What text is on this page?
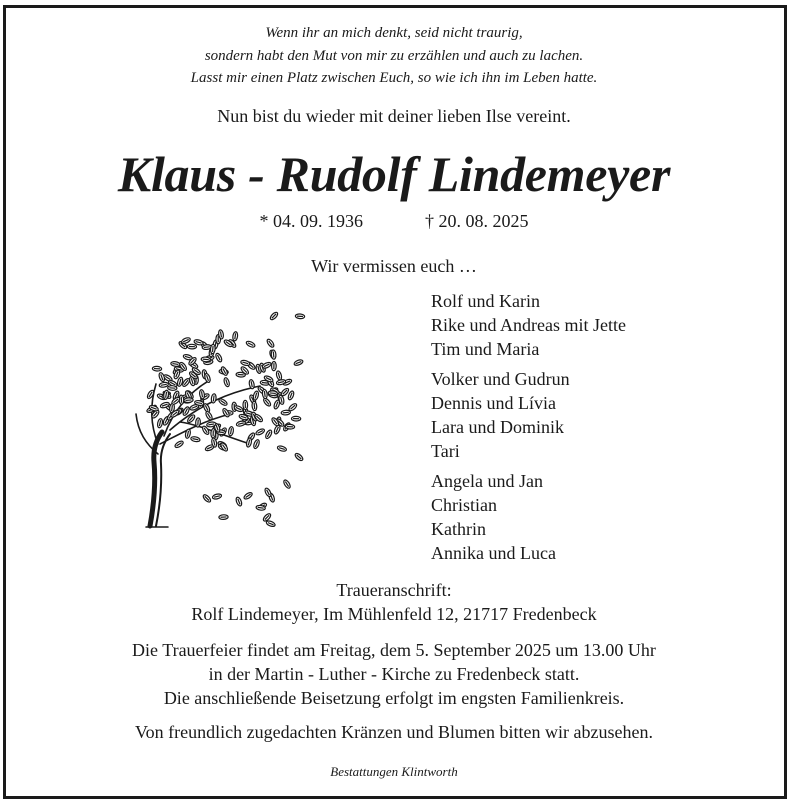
Wenn ihr an mich denkt, seid nicht traurig,
sondern habt den Mut von mir zu erzählen und auch zu lachen.
Lasst mir einen Platz zwischen Euch, so wie ich ihn im Leben hatte.
Nun bist du wieder mit deiner lieben Ilse vereint.
Klaus - Rudolf Lindemeyer
* 04. 09. 1936	† 20. 08. 2025
Wir vermissen euch …
Rolf und Karin
Rike und Andreas mit Jette
Tim und Maria
Volker und Gudrun
Dennis und Lívia
Lara und Dominik
Tari
Angela und Jan
Christian
Kathrin
Annika und Luca
Traueranschrift:
Rolf Lindemeyer, Im Mühlenfeld 12, 21717 Fredenbeck
Die Trauerfeier findet am Freitag, dem 5. September 2025 um 13.00 Uhr
in der Martin - Luther - Kirche zu Fredenbeck statt.
Die anschließende Beisetzung erfolgt im engsten Familienkreis.
Von freundlich zugedachten Kränzen und Blumen bitten wir abzusehen.
Bestattungen Klintworth
